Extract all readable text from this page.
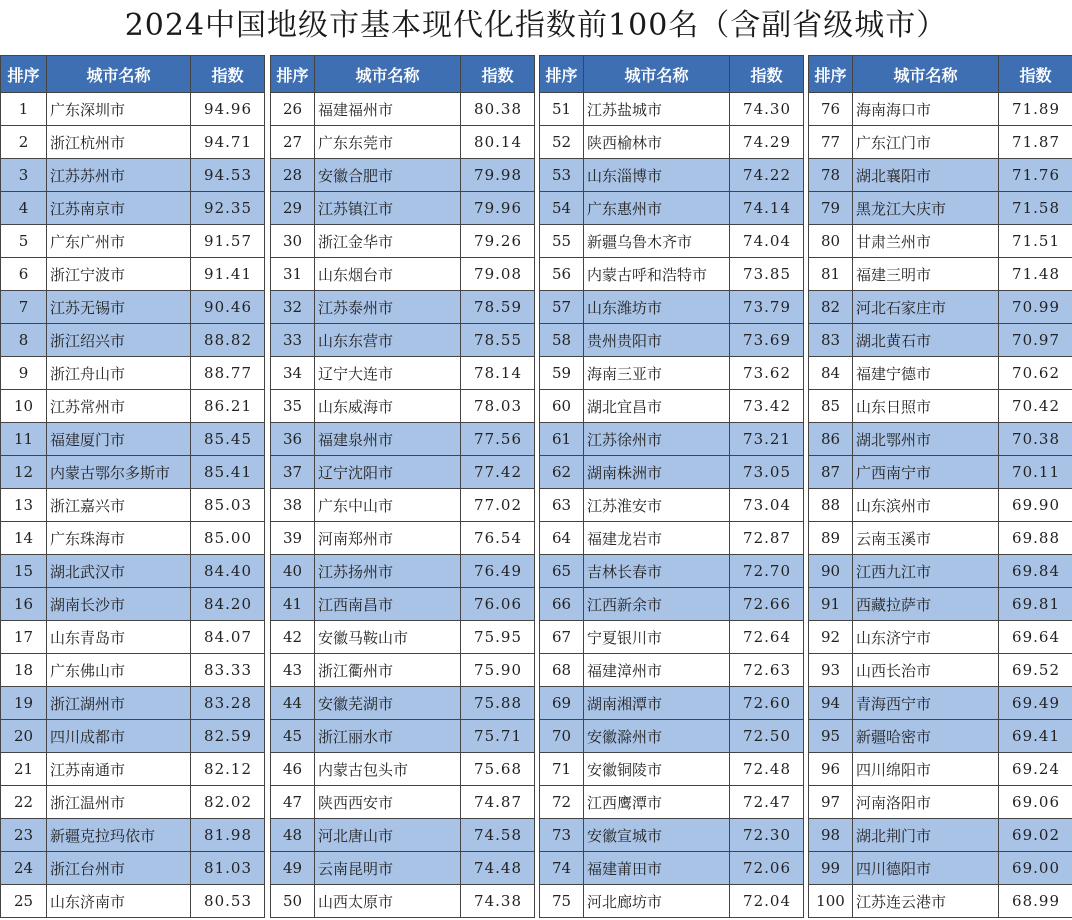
2024中国地级市基本现代化指数前100名（含副省级城市）
排序	城市名称	指数
1	广东深圳市	94.96
2	浙江杭州市	94.71
3	江苏苏州市	94.53
4	江苏南京市	92.35
5	广东广州市	91.57
6	浙江宁波市	91.41
7	江苏无锡市	90.46
8	浙江绍兴市	88.82
9	浙江舟山市	88.77
10	江苏常州市	86.21
11	福建厦门市	85.45
12	内蒙古鄂尔多斯市	85.41
13	浙江嘉兴市	85.03
14	广东珠海市	85.00
15	湖北武汉市	84.40
16	湖南长沙市	84.20
17	山东青岛市	84.07
18	广东佛山市	83.33
19	浙江湖州市	83.28
20	四川成都市	82.59
21	江苏南通市	82.12
22	浙江温州市	82.02
23	新疆克拉玛依市	81.98
24	浙江台州市	81.03
25	山东济南市	80.53
排序	城市名称	指数
26	福建福州市	80.38
27	广东东莞市	80.14
28	安徽合肥市	79.98
29	江苏镇江市	79.96
30	浙江金华市	79.26
31	山东烟台市	79.08
32	江苏泰州市	78.59
33	山东东营市	78.55
34	辽宁大连市	78.14
35	山东威海市	78.03
36	福建泉州市	77.56
37	辽宁沈阳市	77.42
38	广东中山市	77.02
39	河南郑州市	76.54
40	江苏扬州市	76.49
41	江西南昌市	76.06
42	安徽马鞍山市	75.95
43	浙江衢州市	75.90
44	安徽芜湖市	75.88
45	浙江丽水市	75.71
46	内蒙古包头市	75.68
47	陕西西安市	74.87
48	河北唐山市	74.58
49	云南昆明市	74.48
50	山西太原市	74.38
排序	城市名称	指数
51	江苏盐城市	74.30
52	陕西榆林市	74.29
53	山东淄博市	74.22
54	广东惠州市	74.14
55	新疆乌鲁木齐市	74.04
56	内蒙古呼和浩特市	73.85
57	山东潍坊市	73.79
58	贵州贵阳市	73.69
59	海南三亚市	73.62
60	湖北宜昌市	73.42
61	江苏徐州市	73.21
62	湖南株洲市	73.05
63	江苏淮安市	73.04
64	福建龙岩市	72.87
65	吉林长春市	72.70
66	江西新余市	72.66
67	宁夏银川市	72.64
68	福建漳州市	72.63
69	湖南湘潭市	72.60
70	安徽滁州市	72.50
71	安徽铜陵市	72.48
72	江西鹰潭市	72.47
73	安徽宣城市	72.30
74	福建莆田市	72.06
75	河北廊坊市	72.04
排序	城市名称	指数
76	海南海口市	71.89
77	广东江门市	71.87
78	湖北襄阳市	71.76
79	黑龙江大庆市	71.58
80	甘肃兰州市	71.51
81	福建三明市	71.48
82	河北石家庄市	70.99
83	湖北黄石市	70.97
84	福建宁德市	70.62
85	山东日照市	70.42
86	湖北鄂州市	70.38
87	广西南宁市	70.11
88	山东滨州市	69.90
89	云南玉溪市	69.88
90	江西九江市	69.84
91	西藏拉萨市	69.81
92	山东济宁市	69.64
93	山西长治市	69.52
94	青海西宁市	69.49
95	新疆哈密市	69.41
96	四川绵阳市	69.24
97	河南洛阳市	69.06
98	湖北荆门市	69.02
99	四川德阳市	69.00
100	江苏连云港市	68.99
